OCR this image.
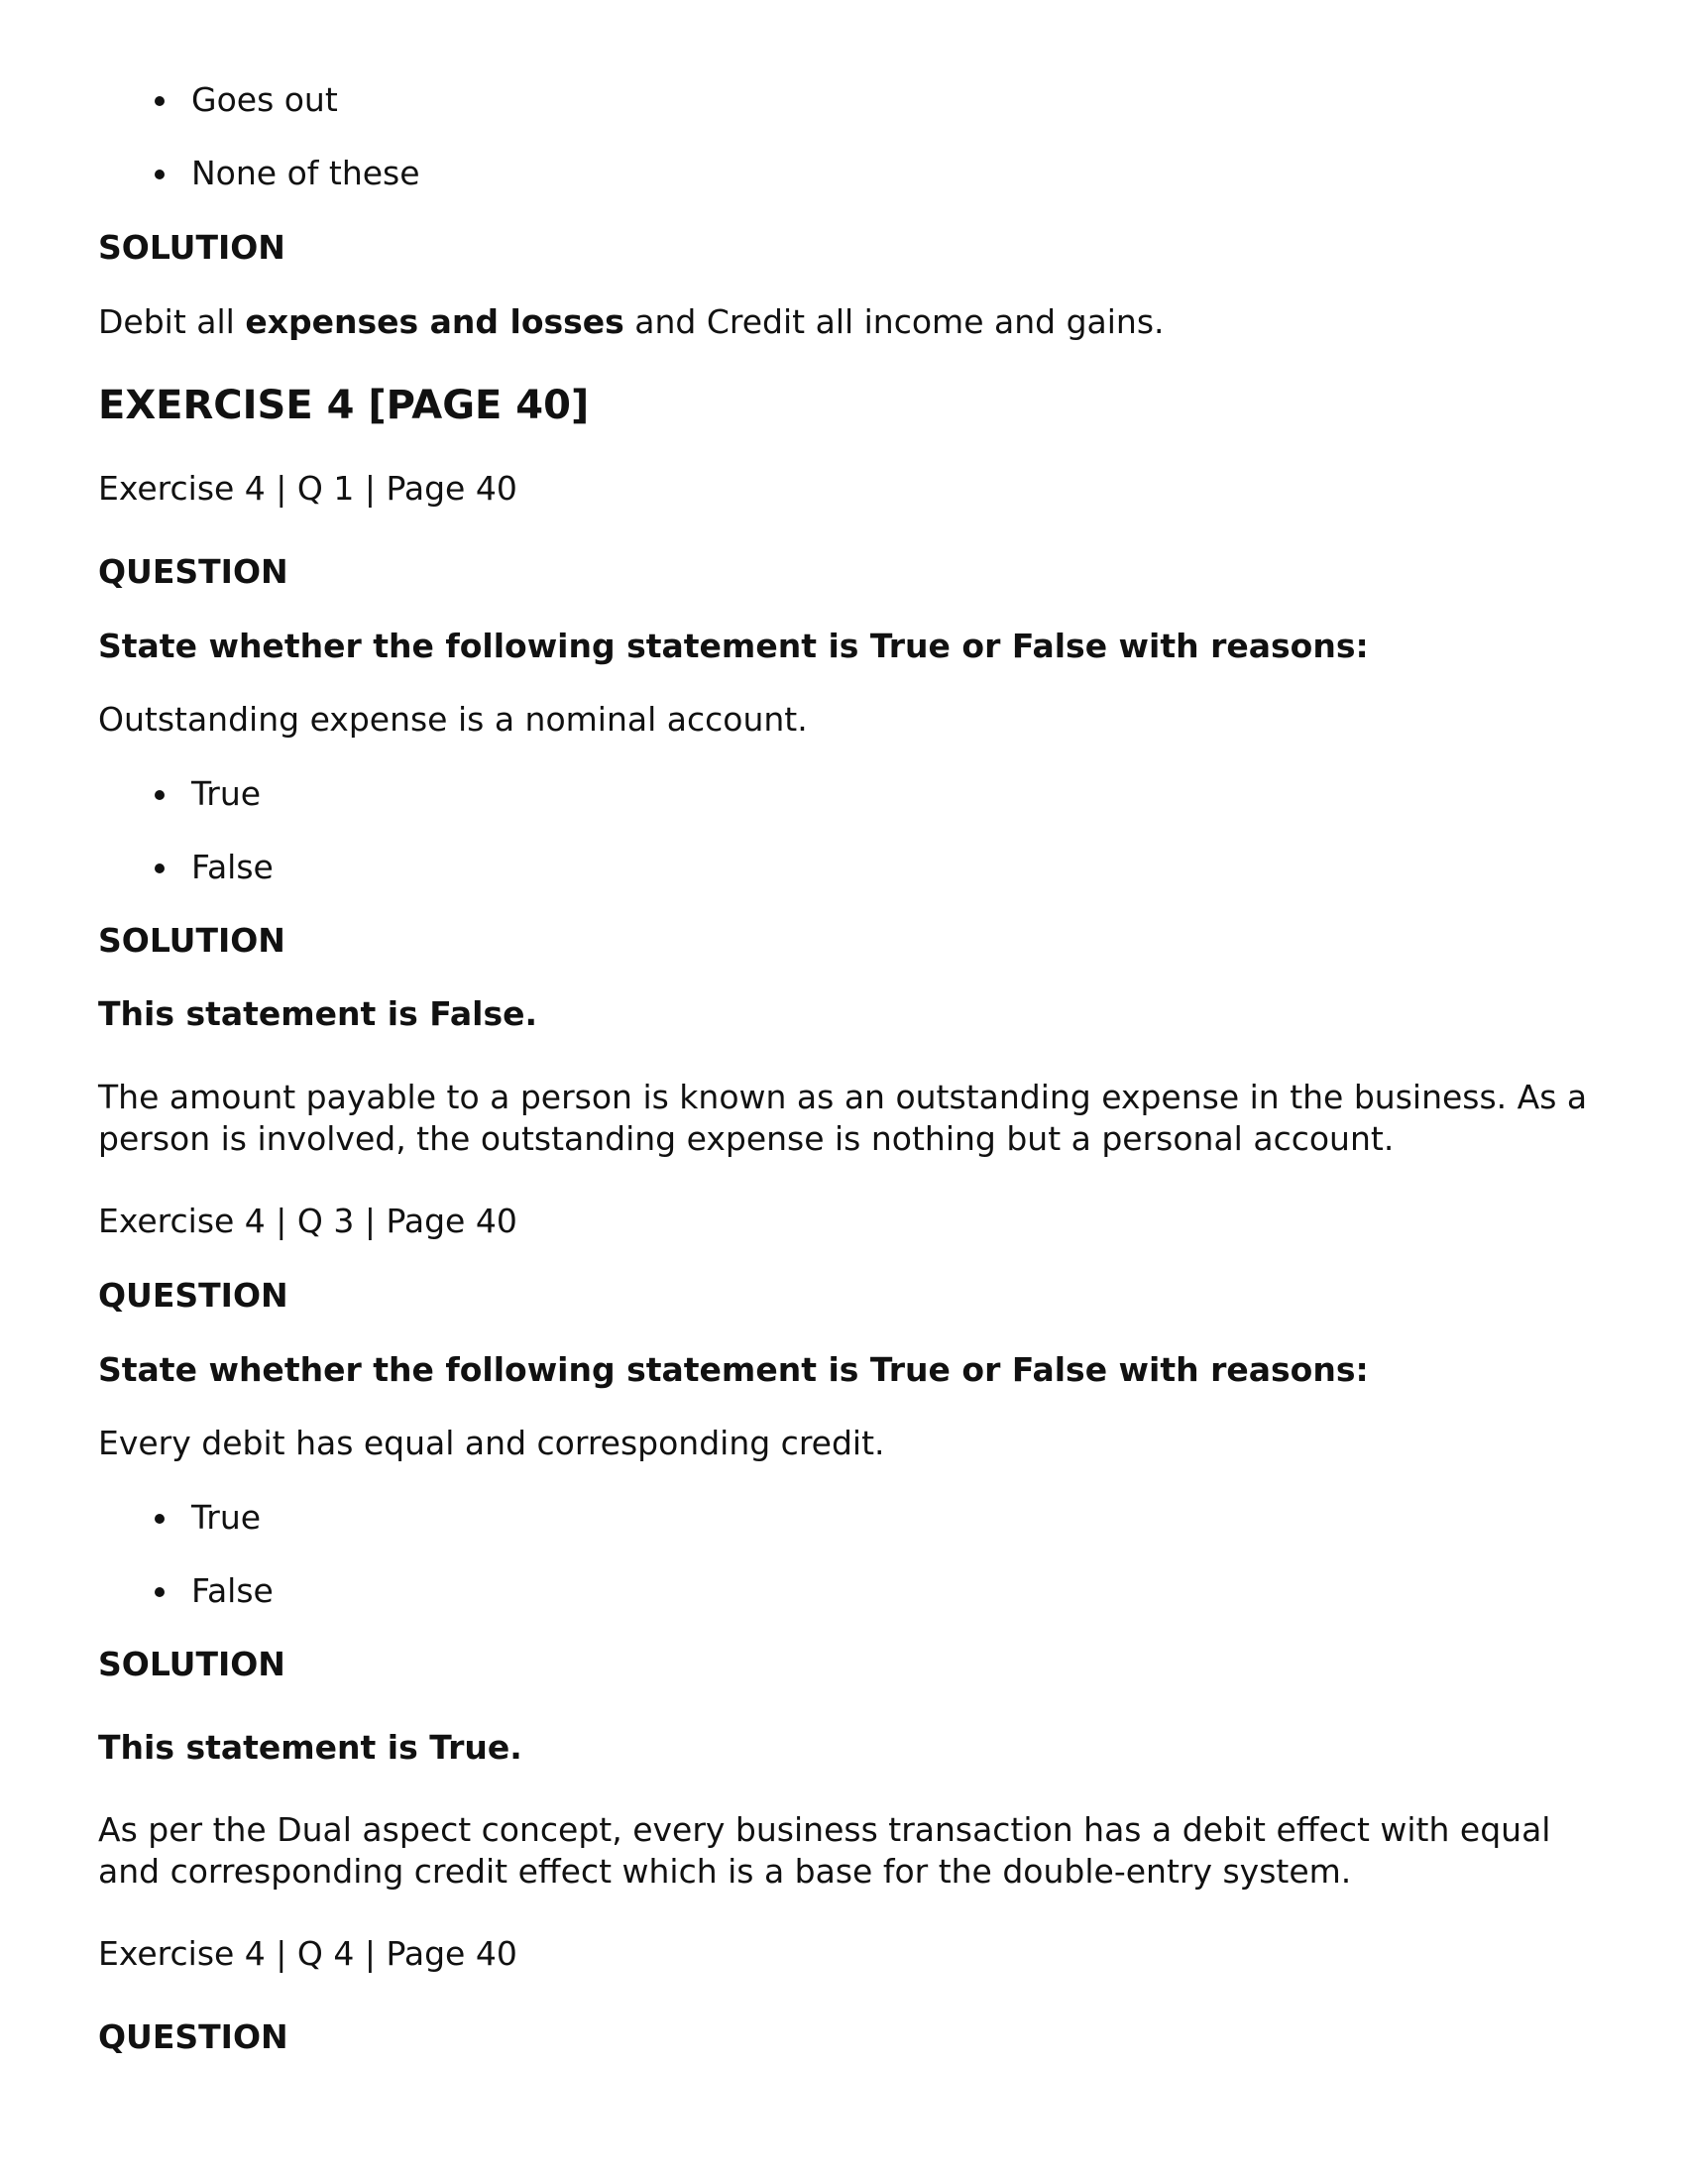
Goes out

None of these

SOLUTION

Debit all expenses and losses and Credit all income and gains.

EXERCISE 4 [PAGE 40]

Exercise 4 | Q 1 | Page 40

QUESTION

State whether the following statement is True or False with reasons:

Outstanding expense is a nominal account.

True

False

SOLUTION

This statement is False.

The amount payable to a person is known as an outstanding expense in the business. As a person is involved, the outstanding expense is nothing but a personal account.

Exercise 4 | Q 3 | Page 40

QUESTION

State whether the following statement is True or False with reasons:

Every debit has equal and corresponding credit.

True

False

SOLUTION

This statement is True.

As per the Dual aspect concept, every business transaction has a debit effect with equal and corresponding credit effect which is a base for the double-entry system.

Exercise 4 | Q 4 | Page 40

QUESTION
